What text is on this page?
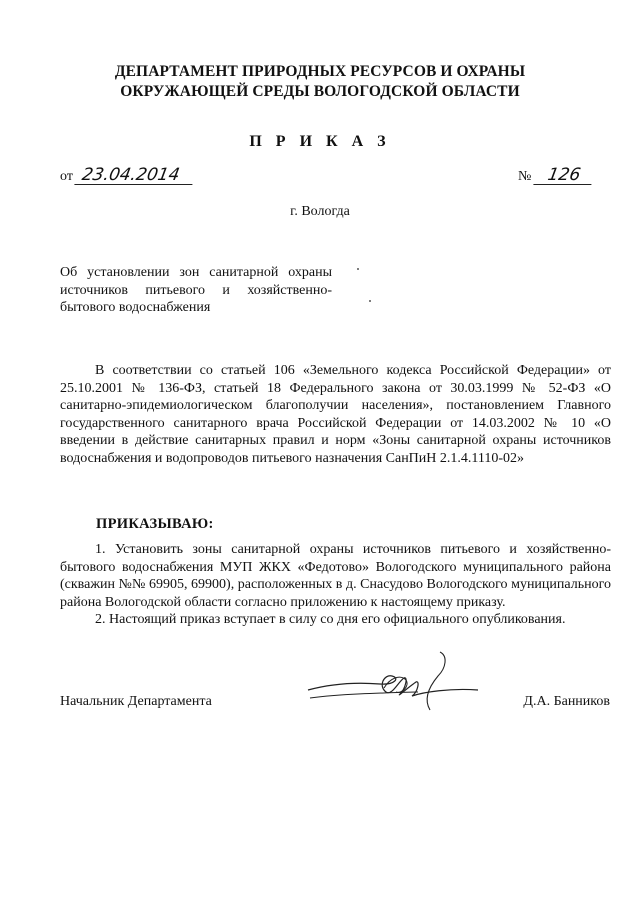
ДЕПАРТАМЕНТ ПРИРОДНЫХ РЕСУРСОВ И ОХРАНЫ
ОКРУЖАЮЩЕЙ СРЕДЫ ВОЛОГОДСКОЙ ОБЛАСТИ
П Р И К А З
от 23.04.2014	№ 126
г. Вологда
Об установлении зон санитарной охраны источников питьевого и хозяйственно-бытового водоснабжения
В соответствии со статьей 106 «Земельного кодекса Российской Федерации» от 25.10.2001 № 136-ФЗ, статьей 18 Федерального закона от 30.03.1999 № 52-ФЗ «О санитарно-эпидемиологическом благополучии населения», постановлением Главного государственного санитарного врача Российской Федерации от 14.03.2002 № 10 «О введении в действие санитарных правил и норм «Зоны санитарной охраны источников водоснабжения и водопроводов питьевого назначения СанПиН 2.1.4.1110-02»
ПРИКАЗЫВАЮ:

1. Установить зоны санитарной охраны источников питьевого и хозяйственно-бытового водоснабжения МУП ЖКХ «Федотово» Вологодского муниципального района (скважин №№ 69905, 69900), расположенных в д. Снасудово Вологодского муниципального района Вологодской области согласно приложению к настоящему приказу.

2. Настоящий приказ вступает в силу со дня его официального опубликования.

Начальник Департамента	Д.А. Банников
